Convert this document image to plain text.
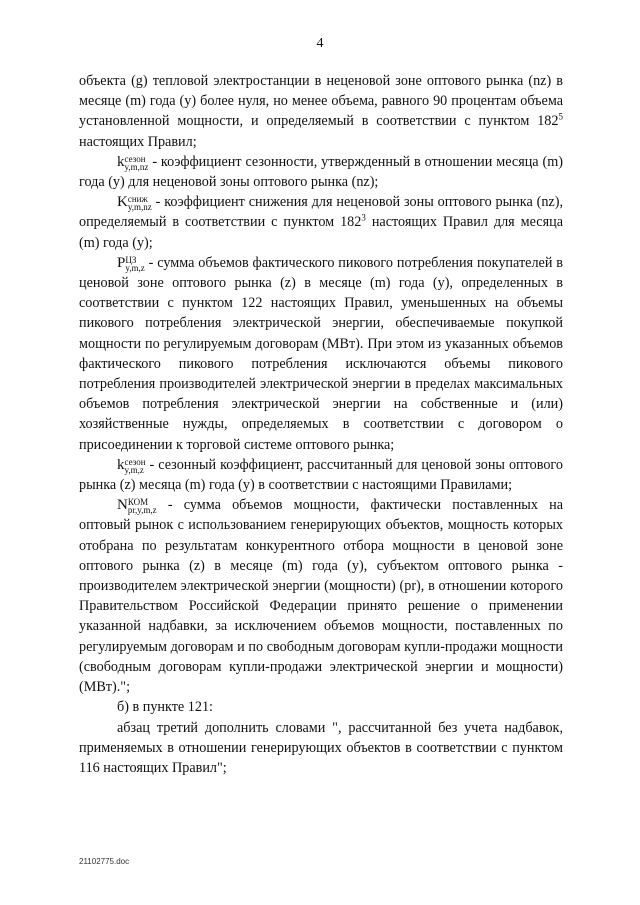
4

объекта (g) тепловой электростанции в неценовой зоне оптового рынка (nz) в месяце (m) года (y) более нуля, но менее объема, равного 90 процентам объема установленной мощности, и определяемый в соответствии с пунктом 182$^5$ настоящих Правил;

k сезон
y,m,nz - коэффициент сезонности, утвержденный в отношении месяца (m) года (y) для неценовой зоны оптового рынка (nz);

K сниж
y,m,nz - коэффициент снижения для неценовой зоны оптового рынка (nz), определяемый в соответствии с пунктом 182$^3$ настоящих Правил для месяца (m) года (y);

P ЦЗ
y,m,z - сумма объемов фактического пикового потребления покупателей в ценовой зоне оптового рынка (z) в месяце (m) года (y), определенных в соответствии с пунктом 122 настоящих Правил, уменьшенных на объемы пикового потребления электрической энергии, обеспечиваемые покупкой мощности по регулируемым договорам (МВт). При этом из указанных объемов фактического пикового потребления исключаются объемы пикового потребления производителей электрической энергии в пределах максимальных объемов потребления электрической энергии на собственные и (или) хозяйственные нужды, определяемых в соответствии с договором о присоединении к торговой системе оптового рынка;

k сезон
y,m,z - сезонный коэффициент, рассчитанный для ценовой зоны оптового рынка (z) месяца (m) года (y) в соответствии с настоящими Правилами;

N КОМ
pr,y,m,z - сумма объемов мощности, фактически поставленных на оптовый рынок с использованием генерирующих объектов, мощность которых отобрана по результатам конкурентного отбора мощности в ценовой зоне оптового рынка (z) в месяце (m) года (y), субъектом оптового рынка - производителем электрической энергии (мощности) (pr), в отношении которого Правительством Российской Федерации принято решение о применении указанной надбавки, за исключением объемов мощности, поставленных по регулируемым договорам и по свободным договорам купли-продажи мощности (свободным договорам купли-продажи электрической энергии и мощности) (МВт).";

б) в пункте 121:

абзац третий дополнить словами ", рассчитанной без учета надбавок, применяемых в отношении генерирующих объектов в соответствии с пунктом 116 настоящих Правил";

21102775.doc
